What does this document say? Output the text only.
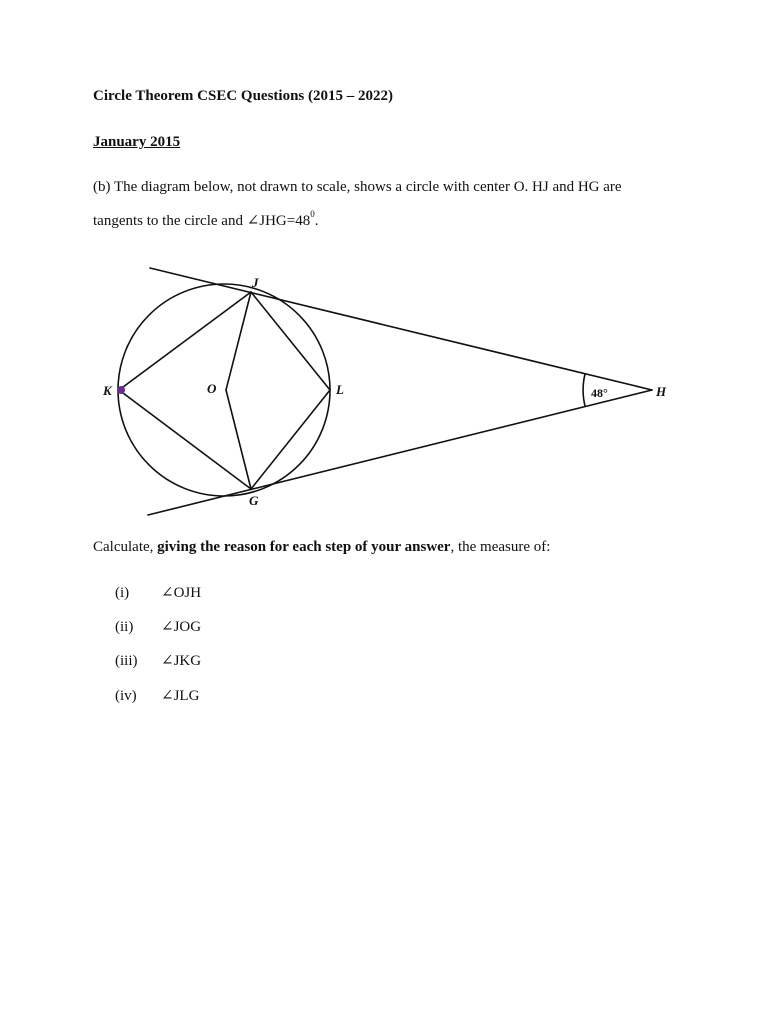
Circle Theorem CSEC Questions (2015 – 2022)
January 2015
(b) The diagram below, not drawn to scale, shows a circle with center O. HJ and HG are
tangents to the circle and $\angle JHG=48^0$.
J
K	O	L
G
H
48°
Calculate, giving the reason for each step of your answer, the measure of:
(i) ∠OJH
(ii) ∠JOG
(iii) ∠JKG
(iv) ∠JLG
